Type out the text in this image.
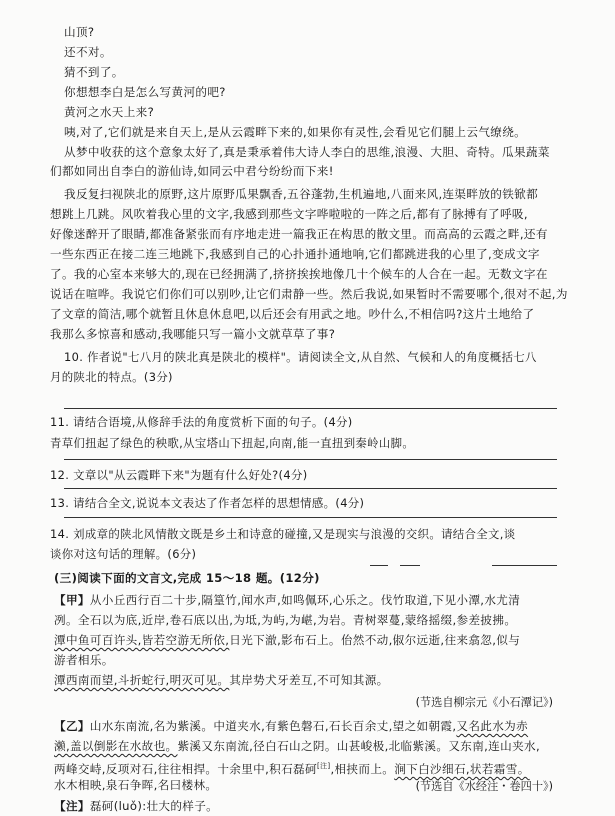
山顶?
还不对。
猜不到了。
你想想李白是怎么写黄河的吧?
黄河之水天上来?
咦,对了,它们就是来自天上,是从云霞畔下来的,如果你有灵性,会看见它们腿上云气缭绕。
从梦中收获的这个意象太好了,真是秉承着伟大诗人李白的思维,浪漫、大胆、奇特。瓜果蔬菜
们都如同出自李白的游仙诗,如同云中君兮纷纷而下来!
我反复扫视陕北的原野,这片原野瓜果飘香,五谷蓬勃,生机遍地,八面来风,连渠畔放的铁锨都
想跳上几跳。风吹着我心里的文字,我感到那些文字哗啦啦的一阵之后,都有了脉搏有了呼吸,
好像迷醉开了眼睛,都准备紧张而有序地走进一篇我正在构思的散文里。而高高的云霞之畔,还有
一些东西正在接二连三地跳下,我感到自己的心扑通扑通地响,它们都跳进我的心里了,变成文字
了。我的心室本来够大的,现在已经拥满了,挤挤挨挨地像几十个候车的人合在一起。无数文字在
说话在喧哗。我说它们你们可以别吵,让它们肃静一些。然后我说,如果暂时不需要哪个,很对不起,为
了文章的简洁,哪个就暂且休息休息吧,以后还会有用武之地。吵什么,不相信吗?这片土地给了
我那么多惊喜和感动,我哪能只写一篇小文就草草了事?
10. 作者说"七八月的陕北真是陕北的模样"。请阅读全文,从自然、气候和人的角度概括七八
月的陕北的特点。(3分)
11. 请结合语境,从修辞手法的角度赏析下面的句子。(4分)
青草们扭起了绿色的秧歌,从宝塔山下扭起,向南,能一直扭到秦岭山脚。
12. 文章以"从云霞畔下来"为题有什么好处?(4分)
13. 请结合全文,说说本文表达了作者怎样的思想情感。(4分)
14. 刘成章的陕北风情散文既是乡土和诗意的碰撞,又是现实与浪漫的交织。请结合全文,谈
谈你对这句话的理解。(6分)
(三)阅读下面的文言文,完成 15～18 题。(12分)
【甲】从小丘西行百二十步,隔篁竹,闻水声,如鸣佩环,心乐之。伐竹取道,下见小潭,水尤清
冽。全石以为底,近岸,卷石底以出,为坻,为屿,为嵁,为岩。青树翠蔓,蒙络摇缀,参差披拂。
潭中鱼可百许头,皆若空游无所依,日光下澈,影布石上。佁然不动,俶尔远逝,往来翕忽,似与
游者相乐。
潭西南而望,斗折蛇行,明灭可见。其岸势犬牙差互,不可知其源。
(节选自柳宗元《小石潭记》)
【乙】山水东南流,名为紫溪。中道夹水,有紫色磐石,石长百余丈,望之如朝霞,又名此水为赤
濑,盖以倒影在水故也。紫溪又东南流,径白石山之阴。山甚峻极,北临紫溪。又东南,连山夹水,
两峰交峙,反项对石,往往相捍。十余里中,积石磊砢[注],相挟而上。涧下白沙细石,状若霜雪。
水木相映,泉石争晖,名曰楼林。	(节选自《水经注・卷四十》)
【注】磊砢(luǒ):壮大的样子。
